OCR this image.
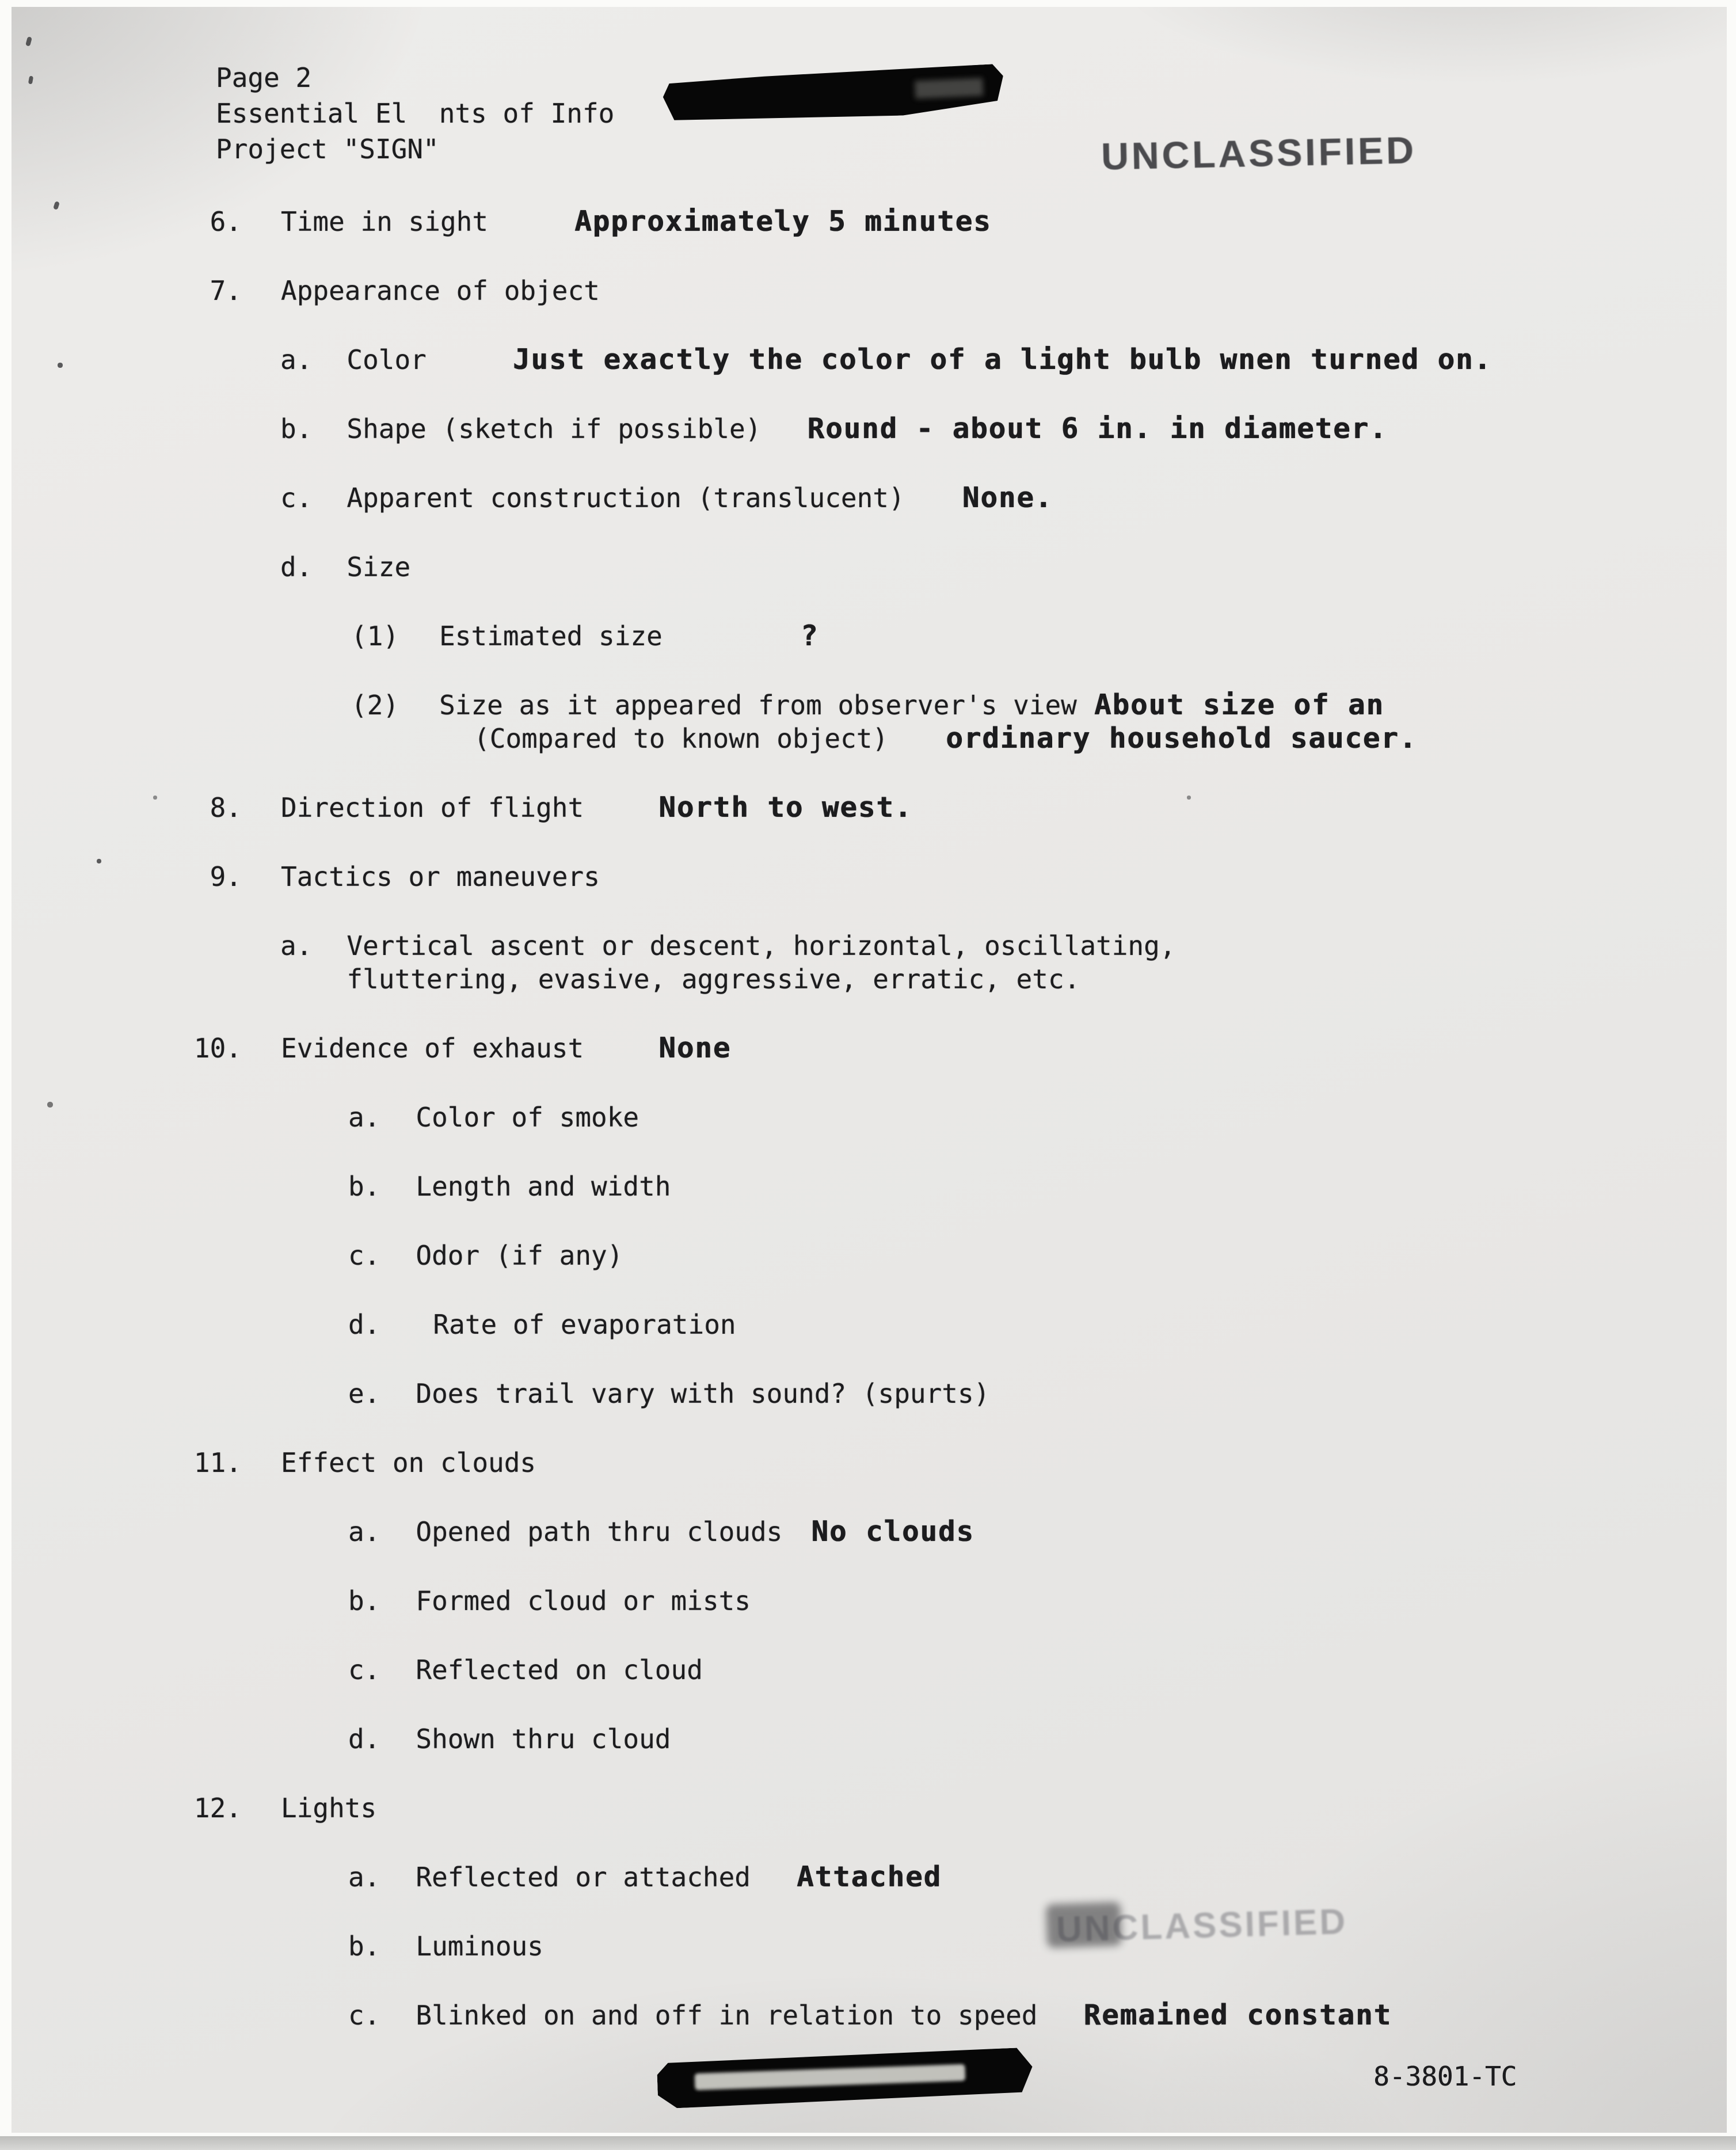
UNCLASSIFIED
Page 2
Essential El  nts of Info
Project "SIGN"
6. Time in sight	Approximately 5 minutes
7. Appearance of object
a. Color	Just exactly the color of a light bulb wnen turned on.
b. Shape (sketch if possible) Round - about 6 in. in diameter.
c. Apparent construction (translucent) None.
d. Size
(1) Estimated size	?
(2) Size as it appeared from observer's view About size of an
(Compared to known object) ordinary household saucer.
8. Direction of flight	North to west.
9. Tactics or maneuvers
a. Vertical ascent or descent, horizontal, oscillating,
fluttering, evasive, aggressive, erratic, etc.
10. Evidence of exhaust	None
a. Color of smoke
b. Length and width
c. Odor (if any)
d. Rate of evaporation
e. Does trail vary with sound? (spurts)
11. Effect on clouds
a. Opened path thru clouds No clouds
b. Formed cloud or mists
c. Reflected on cloud
d. Shown thru cloud
12. Lights
a. Reflected or attached Attached
b. Luminous
c. Blinked on and off in relation to speed Remained constant
UNCLASSIFIED
8-3801-TC
